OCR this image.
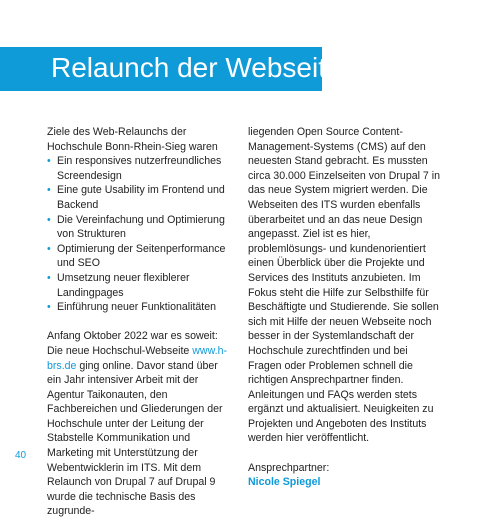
Relaunch der Webseiten

Ziele des Web-Relaunchs der Hochschule Bonn-Rhein-Sieg waren

• Ein responsives nutzerfreundliches Screendesign
• Eine gute Usability im Frontend und Backend
• Die Vereinfachung und Optimierung von Strukturen
• Optimierung der Seitenperformance und SEO
• Umsetzung neuer flexiblerer Landingpages
• Einführung neuer Funktionalitäten

Anfang Oktober 2022 war es soweit: Die neue Hochschul-Webseite www.h-brs.de ging online. Davor stand über ein Jahr intensiver Arbeit mit der Agentur Taikonauten, den Fachbereichen und Gliederungen der Hochschule unter der Leitung der Stabstelle Kommunikation und Marketing mit Unterstützung der Webentwicklerin im ITS. Mit dem Relaunch von Drupal 7 auf Drupal 9 wurde die technische Basis des zugrunde-

liegenden Open Source Content-Management-Systems (CMS) auf den neuesten Stand gebracht. Es mussten circa 30.000 Einzelseiten von Drupal 7 in das neue System migriert werden. Die Webseiten des ITS wurden ebenfalls überarbeitet und an das neue Design angepasst. Ziel ist es hier, problemlösungs- und kundenorientiert einen Überblick über die Projekte und Services des Instituts anzubieten. Im Fokus steht die Hilfe zur Selbsthilfe für Beschäftigte und Studierende. Sie sollen sich mit Hilfe der neuen Webseite noch besser in der Systemlandschaft der Hochschule zurechtfinden und bei Fragen oder Problemen schnell die richtigen Ansprechpartner finden. Anleitungen und FAQs werden stets ergänzt und aktualisiert. Neuigkeiten zu Projekten und Angeboten des Instituts werden hier veröffentlicht.

Ansprechpartner:

Nicole Spiegel

40
